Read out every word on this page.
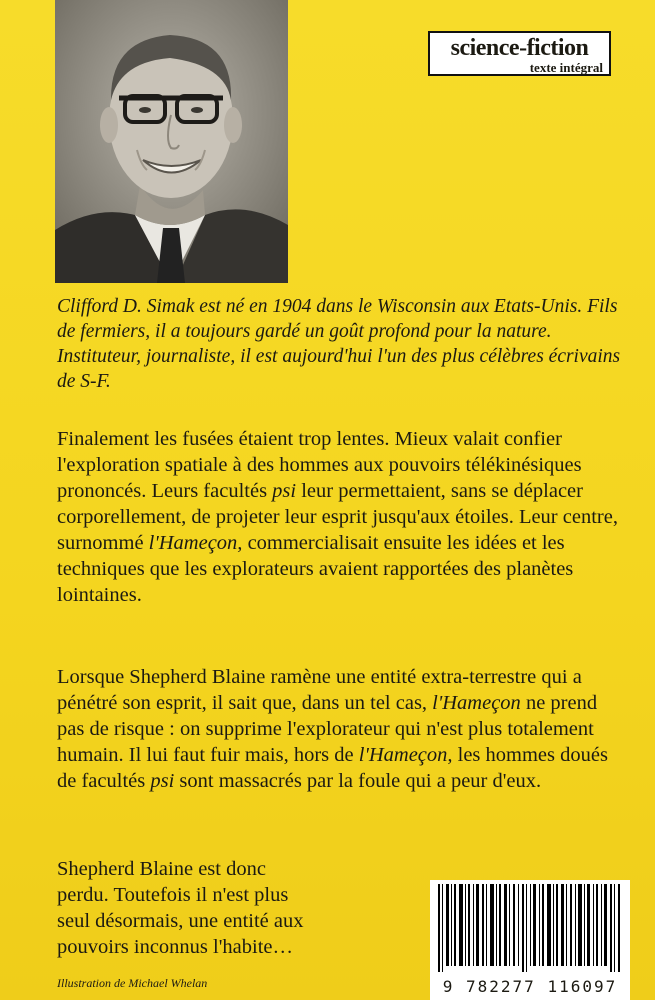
science-fiction
texte intégral

Clifford D. Simak est né en 1904 dans le Wisconsin aux Etats-Unis. Fils de fermiers, il a toujours gardé un goût profond pour la nature. Instituteur, journaliste, il est aujourd'hui l'un des plus célèbres écrivains de S-F.

Finalement les fusées étaient trop lentes. Mieux valait confier l'exploration spatiale à des hommes aux pouvoirs télékinésiques prononcés. Leurs facultés psi leur permettaient, sans se déplacer corporellement, de projeter leur esprit jusqu'aux étoiles. Leur centre, surnommé l'Hameçon, commercialisait ensuite les idées et les techniques que les explorateurs avaient rapportées des planètes lointaines.

Lorsque Shepherd Blaine ramène une entité extra-terrestre qui a pénétré son esprit, il sait que, dans un tel cas, l'Hameçon ne prend pas de risque : on supprime l'explorateur qui n'est plus totalement humain. Il lui faut fuir mais, hors de l'Hameçon, les hommes doués de facultés psi sont massacrés par la foule qui a peur d'eux.

Shepherd Blaine est donc perdu. Toutefois il n'est plus seul désormais, une entité aux pouvoirs inconnus l'habite…

Illustration de Michael Whelan	9 782277 116097
